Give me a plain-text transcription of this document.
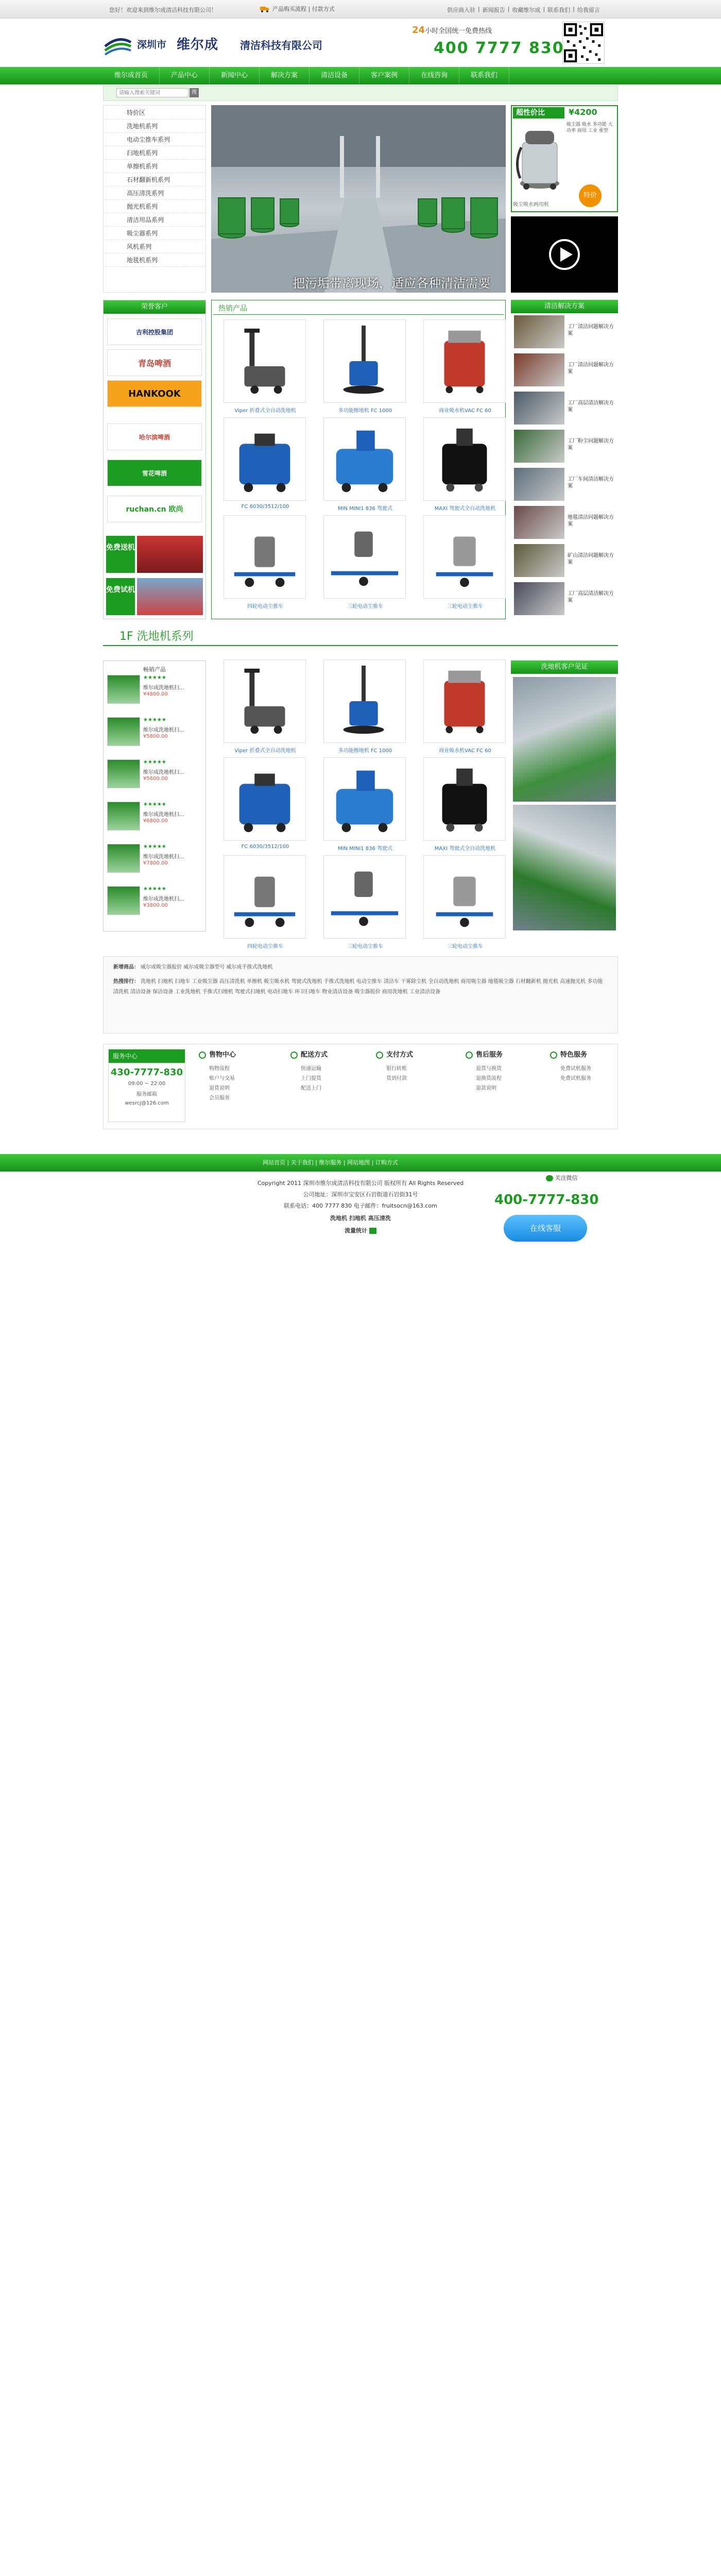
您好！欢迎来到维尔成清洁科技有限公司！	产品购买流程 | 付款方式	供应商入驻 | 新闻报告 | 收藏维尔成 | 联系我们 | 给我留言
深圳市 维尔成 清洁科技有限公司
24小时全国统一免费热线
400 7777 830
维尔成首页	产品中心	新闻中心	解决方案	清洁设备	客户案例	在线咨询	联系我们
请输入搜索关键词
搜
特价区
洗地机系列
电动尘推车系列
扫地机系列
单擦机系列
石材翻新机系列
高压清洗系列
抛光机系列
清洁用品系列
吸尘器系列
风机系列
地毯机系列
把污垢带离现场，适应各种清洁需要
超性价比	¥4200
吸尘器 吸水 多功能 大功率 商用 工业 重型
特价
吸尘吸水两用机
荣誉客户
吉利控股集团
青岛啤酒
HANKOOK
哈尔滨啤酒
雪花啤酒
ruchan.cn 欧尚
免费送机
免费试机
热销产品
Viper 折叠式全自动洗地机	多功能擦地机 FC 1000	商业吸水机VAC FC 60
FC 6030/3512/100	MIN MINI1 836 驾驶式	MAXI 驾驶式全自动洗地机
四轮电动尘推车	三轮电动尘推车	三轮电动尘推车
清洁解决方案
工厂清洁问题解决方案
工厂清洁问题解决方案
工厂高层清洁解决方案
工厂粉尘问题解决方案
工厂车间清洁解决方案
地毯清洁问题解决方案
矿山清洁问题解决方案
工厂高层清洁解决方案
1F 洗地机系列
畅销产品
★★★★★
维尔成洗地机扫...
¥4800.00
★★★★★
维尔成洗地机扫...
¥5800.00
★★★★★
维尔成洗地机扫...
¥5600.00
★★★★★
维尔成洗地机扫...
¥6800.00
★★★★★
维尔成洗地机扫...
¥7800.00
★★★★★
维尔成洗地机扫...
¥3800.00
Viper 折叠式全自动洗地机	多功能擦地机 FC 1000	商业吸水机VAC FC 60
FC 6030/3512/100	MIN MINI1 836 驾驶式	MAXI 驾驶式全自动洗地机
四轮电动尘推车	三轮电动尘推车	三轮电动尘推车
洗地机客户见证
新增商品： 威尔成吸尘器报价 威尔成吸尘器型号 威尔成手推式洗地机
热搜排行： 洗地机 扫地机 扫地车 工业吸尘器 高压清洗机 单擦机 吸尘吸水机 驾驶式洗地机 手推式洗地机 电动尘推车 清洁车 干雾除尘机 全自动洗地机 商用吸尘器 地毯吸尘器 石材翻新机 抛光机 高速抛光机 多功能清洗机 清洁设备 保洁设备 工业洗地机 手推式扫地机 驾驶式扫地机 电动扫地车 环卫扫地车 物业清洁设备 吸尘器报价 商用洗地机 工业清洁设备
服务中心
430-7777-830
09:00 ~ 22:00
服务邮箱
wesrcj@126.com
售物中心

购物流程

账户与交易

退货说明

会员服务

配送方式

快递运输

上门提货

配送上门

支付方式

银行转账

货到付款

售后服务

退货与换货

退换货流程

退款说明

特色服务

免费试机服务

免费试机服务

网站首页 | 关于我们 | 维尔服务 | 网站地图 | 订购方式
Copyright 2011 深圳市维尔成清洁科技有限公司 版权所有 All Rights Reserved
公司地址：深圳市宝安区石岩街道石岩街31号
联系电话：400 7777 830 电子邮件：fruitsocn@163.com
洗地机 扫地机 高压清洗
流量统计
关注微信
400-7777-830
在线客服
